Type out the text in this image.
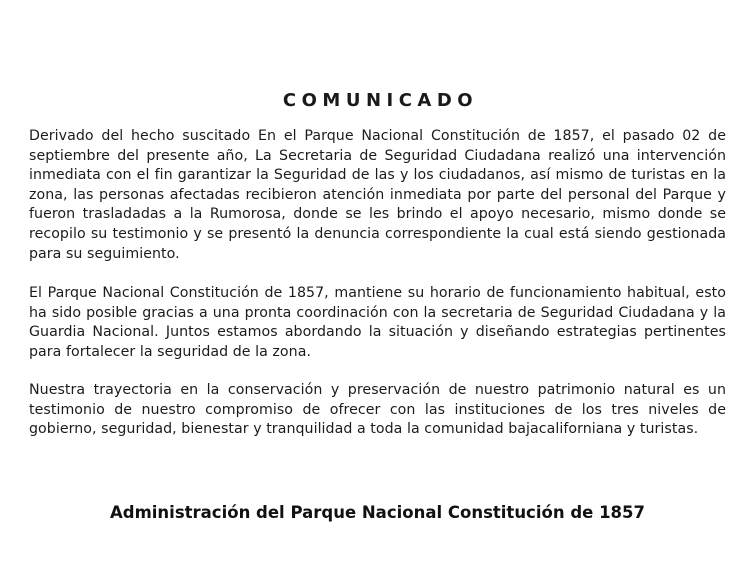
COMUNICADO

Derivado del hecho suscitado En el Parque Nacional Constitución de 1857, el pasado 02 de septiembre del presente año, La Secretaria de Seguridad Ciudadana realizó una intervención inmediata con el fin garantizar la Seguridad de las y los ciudadanos, así mismo de turistas en la zona, las personas afectadas recibieron atención inmediata por parte del personal del Parque y fueron trasladadas a la Rumorosa, donde se les brindo el apoyo necesario, mismo donde se recopilo su testimonio y se presentó la denuncia correspondiente la cual está siendo gestionada para su seguimiento.

El Parque Nacional Constitución de 1857, mantiene su horario de funcionamiento habitual, esto ha sido posible gracias a una pronta coordinación con la secretaria de Seguridad Ciudadana y la Guardia Nacional. Juntos estamos abordando la situación y diseñando estrategias pertinentes para fortalecer la seguridad de la zona.

Nuestra trayectoria en la conservación y preservación de nuestro patrimonio natural es un testimonio de nuestro compromiso de ofrecer con las instituciones de los tres niveles de gobierno, seguridad, bienestar y tranquilidad a toda la comunidad bajacaliforniana y turistas.

Administración del Parque Nacional Constitución de 1857
